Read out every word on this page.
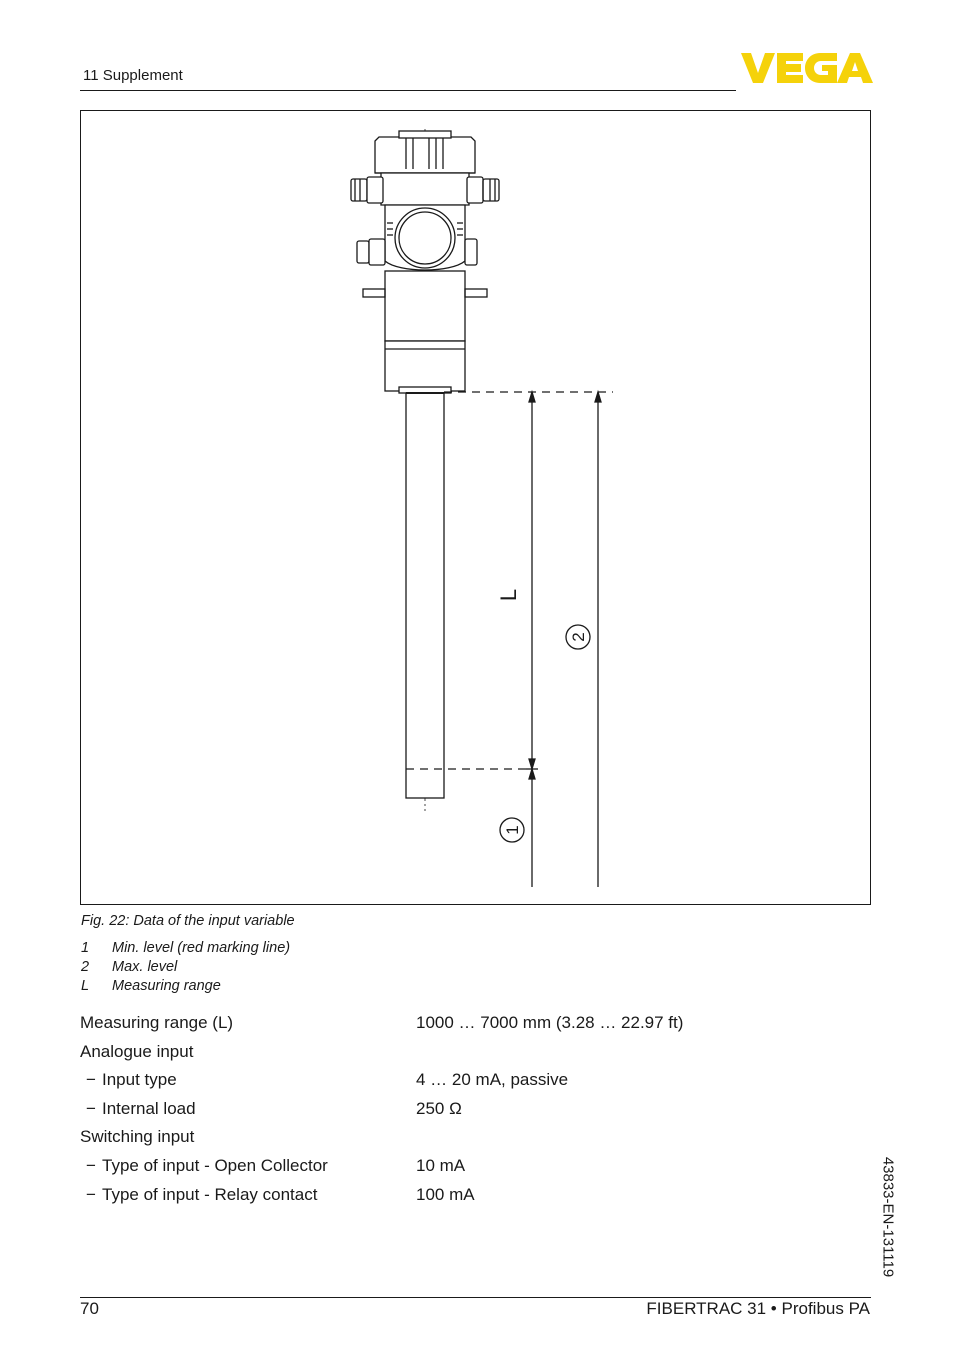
11 Supplement
1
2
L
Fig. 22: Data of the input variable
1	Min. level (red marking line)
2	Max. level
L	Measuring range
Measuring range (L)	1000 … 7000 mm (3.28 … 22.97 ft)
Analogue input
− Input type	4 … 20 mA, passive
− Internal load	250 Ω
Switching input
− Type of input - Open Collector	10 mA
− Type of input - Relay contact	100 mA	43833-EN-131119
70	FIBERTRAC 31 • Profibus PA
